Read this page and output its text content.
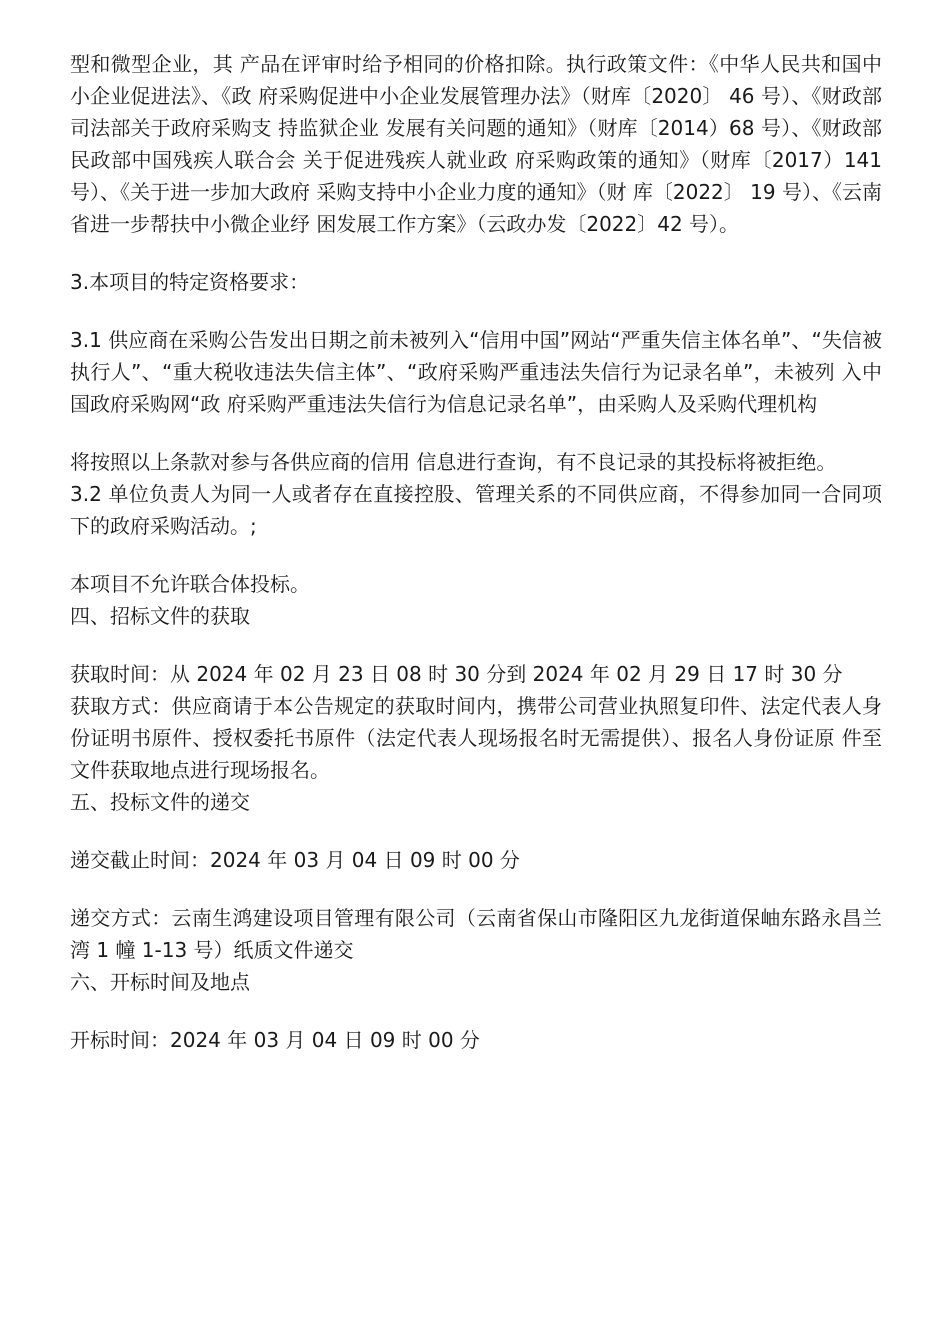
型和微型企业，其 产品在评审时给予相同的价格扣除。执行政策文件：《中华人民共和国中小企业促进法》、《政 府采购促进中小企业发展管理办法》（财库〔2020〕 46 号）、《财政部司法部关于政府采购支 持监狱企业 发展有关问题的通知》（财库〔2014）68 号）、《财政部民政部中国残疾人联合会 关于促进残疾人就业政 府采购政策的通知》（财库〔2017）141 号）、《关于进一步加大政府 采购支持中小企业力度的通知》（财 库〔2022〕 19 号）、《云南省进一步帮扶中小微企业纾 困发展工作方案》（云政办发〔2022〕42 号）。

3.本项目的特定资格要求：

3.1 供应商在采购公告发出日期之前未被列入“信用中国”网站“严重失信主体名单”、“失信被执行人”、“重大税收违法失信主体”、“政府采购严重违法失信行为记录名单”，未被列 入中国政府采购网“政 府采购严重违法失信行为信息记录名单”，由采购人及采购代理机构

将按照以上条款对参与各供应商的信用 信息进行查询，有不良记录的其投标将被拒绝。

3.2 单位负责人为同一人或者存在直接控股、管理关系的不同供应商，不得参加同一合同项 下的政府采购活动。;

本项目不允许联合体投标。

四、招标文件的获取

获取时间：从 2024 年 02 月 23 日 08 时 30 分到 2024 年 02 月 29 日 17 时 30 分

获取方式：供应商请于本公告规定的获取时间内，携带公司营业执照复印件、法定代表人身份证明书原件、授权委托书原件（法定代表人现场报名时无需提供）、报名人身份证原 件至文件获取地点进行现场报名。

五、投标文件的递交

递交截止时间：2024 年 03 月 04 日 09 时 00 分

递交方式：云南生鸿建设项目管理有限公司（云南省保山市隆阳区九龙街道保岫东路永昌兰湾 1 幢 1-13 号）纸质文件递交

六、开标时间及地点

开标时间：2024 年 03 月 04 日 09 时 00 分
